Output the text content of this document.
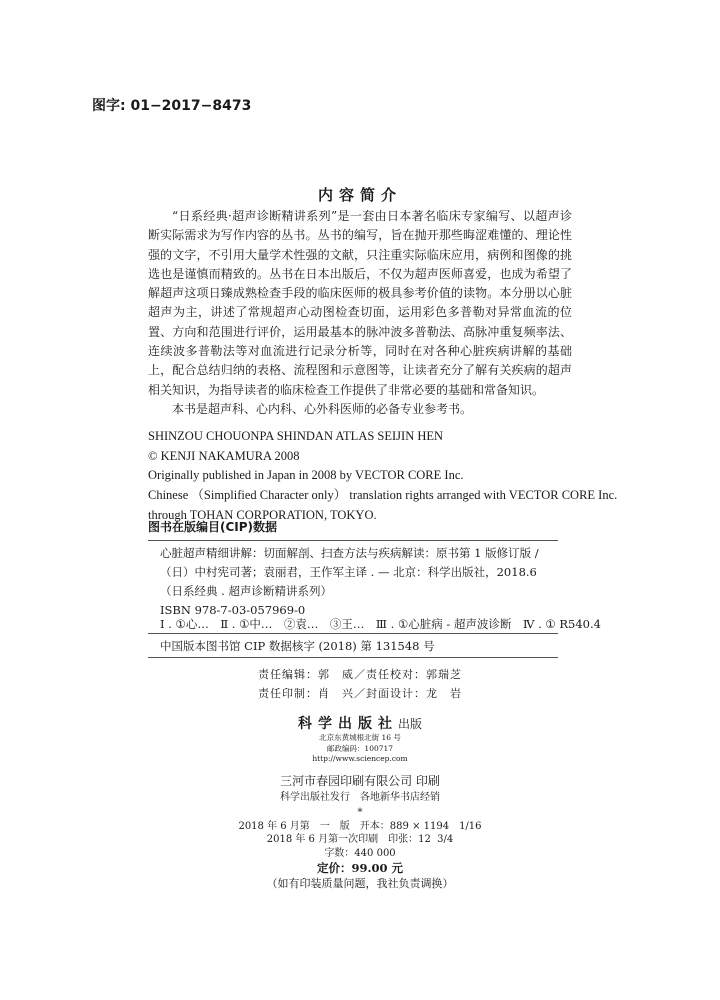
图字: 01−2017−8473
内容简介

“日系经典·超声诊断精讲系列”是一套由日本著名临床专家编写、以超声诊断实际需求为写作内容的丛书。丛书的编写，旨在抛开那些晦涩难懂的、理论性强的文字，不引用大量学术性强的文献，只注重实际临床应用，病例和图像的挑选也是谨慎而精致的。丛书在日本出版后，不仅为超声医师喜爱，也成为希望了解超声这项日臻成熟检查手段的临床医师的极具参考价值的读物。本分册以心脏超声为主，讲述了常规超声心动图检查切面，运用彩色多普勒对异常血流的位置、方向和范围进行评价，运用最基本的脉冲波多普勒法、高脉冲重复频率法、连续波多普勒法等对血流进行记录分析等，同时在对各种心脏疾病讲解的基础上，配合总结归纳的表格、流程图和示意图等，让读者充分了解有关疾病的超声相关知识，为指导读者的临床检查工作提供了非常必要的基础和常备知识。

本书是超声科、心内科、心外科医师的必备专业参考书。

SHINZOU CHOUONPA SHINDAN ATLAS SEIJIN HEN
© KENJI NAKAMURA 2008
Originally published in Japan in 2008 by VECTOR CORE Inc.
Chinese （Simplified Character only） translation rights arranged with VECTOR CORE Inc.
through TOHAN CORPORATION, TOKYO.
图书在版编目(CIP)数据
心脏超声精细讲解：切面解剖、扫查方法与疾病解读：原书第 1 版修订版 /（日）中村宪司著；袁丽君，王作军主译 . — 北京：科学出版社，2018.6
（日系经典 . 超声诊断精讲系列）
ISBN 978-7-03-057969-0
Ⅰ . ①心…　Ⅱ . ①中…　②袁…　③王…　Ⅲ . ①心脏病 - 超声波诊断　Ⅳ . ① R540.4
中国版本图书馆 CIP 数据核字 (2018) 第 131548 号
责任编辑：郭　威／责任校对：郭瑞芝
责任印制：肖　兴／封面设计：龙　岩
科学出版社出版
北京东黄城根北街 16 号
邮政编码：100717
http://www.sciencep.com
三河市春园印刷有限公司 印刷
科学出版社发行　各地新华书店经销
*
2018 年 6 月第　一　版　开本：889 × 1194　1/16
2018 年 6 月第一次印刷　印张：12  3/4
字数：440 000
定价：99.00 元
（如有印装质量问题，我社负责调换）
